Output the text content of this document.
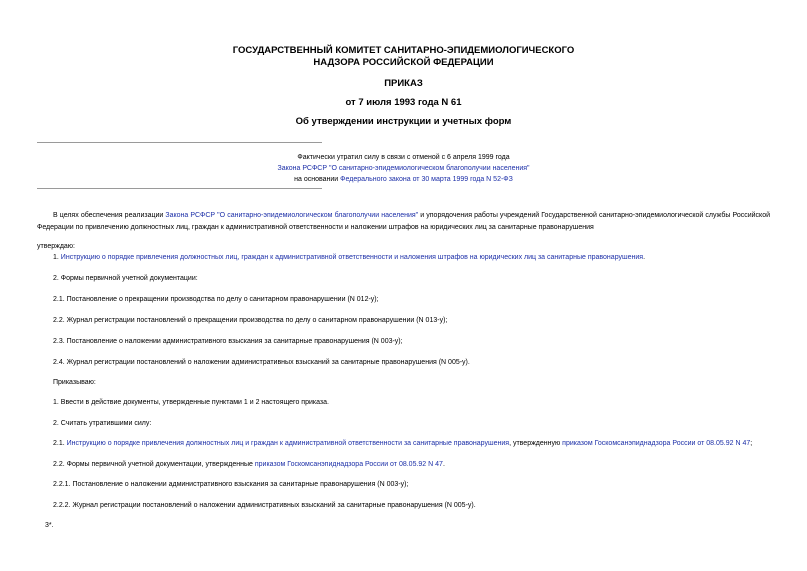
ГОСУДАРСТВЕННЫЙ КОМИТЕТ САНИТАРНО-ЭПИДЕМИОЛОГИЧЕСКОГО
НАДЗОРА РОССИЙСКОЙ ФЕДЕРАЦИИ
ПРИКАЗ
от 7 июля 1993 года N 61
Об утверждении инструкции и учетных форм
Фактически утратил силу в связи с отменой с 6 апреля 1999 года
Закона РСФСР "О санитарно-эпидемиологическом благополучии населения"
на основании Федерального закона от 30 марта 1999 года N 52-ФЗ
В целях обеспечения реализации Закона РСФСР "О санитарно-эпидемиологическом благополучии населения" и упорядочения работы учреждений Государственной санитарно-эпидемиологической службы Российской Федерации по привлечению должностных лиц, граждан к административной ответственности и наложении штрафов на юридических лиц за санитарные правонарушения
утверждаю:
1. Инструкцию о порядке привлечения должностных лиц, граждан к административной ответственности и наложения штрафов на юридических лиц за санитарные правонарушения.
2. Формы первичной учетной документации:
2.1. Постановление о прекращении производства по делу о санитарном правонарушении (N 012-у);
2.2. Журнал регистрации постановлений о прекращении производства по делу о санитарном правонарушении (N 013-у);
2.3. Постановление о наложении административного взыскания за санитарные правонарушения (N 003-у);
2.4. Журнал регистрации постановлений о наложении административных взысканий за санитарные правонарушения (N 005-у).
Приказываю:
1. Ввести в действие документы, утвержденные пунктами 1 и 2 настоящего приказа.
2. Считать утратившими силу:
2.1. Инструкцию о порядке привлечения должностных лиц и граждан к административной ответственности за санитарные правонарушения, утвержденную приказом Госкомсанэпиднадзора России от 08.05.92 N 47;
2.2. Формы первичной учетной документации, утвержденные приказом Госкомсанэпиднадзора России от 08.05.92 N 47.
2.2.1. Постановление о наложении административного взыскания за санитарные правонарушения (N 003-у);
2.2.2. Журнал регистрации постановлений о наложении административных взысканий за санитарные правонарушения (N 005-у).
3*.
